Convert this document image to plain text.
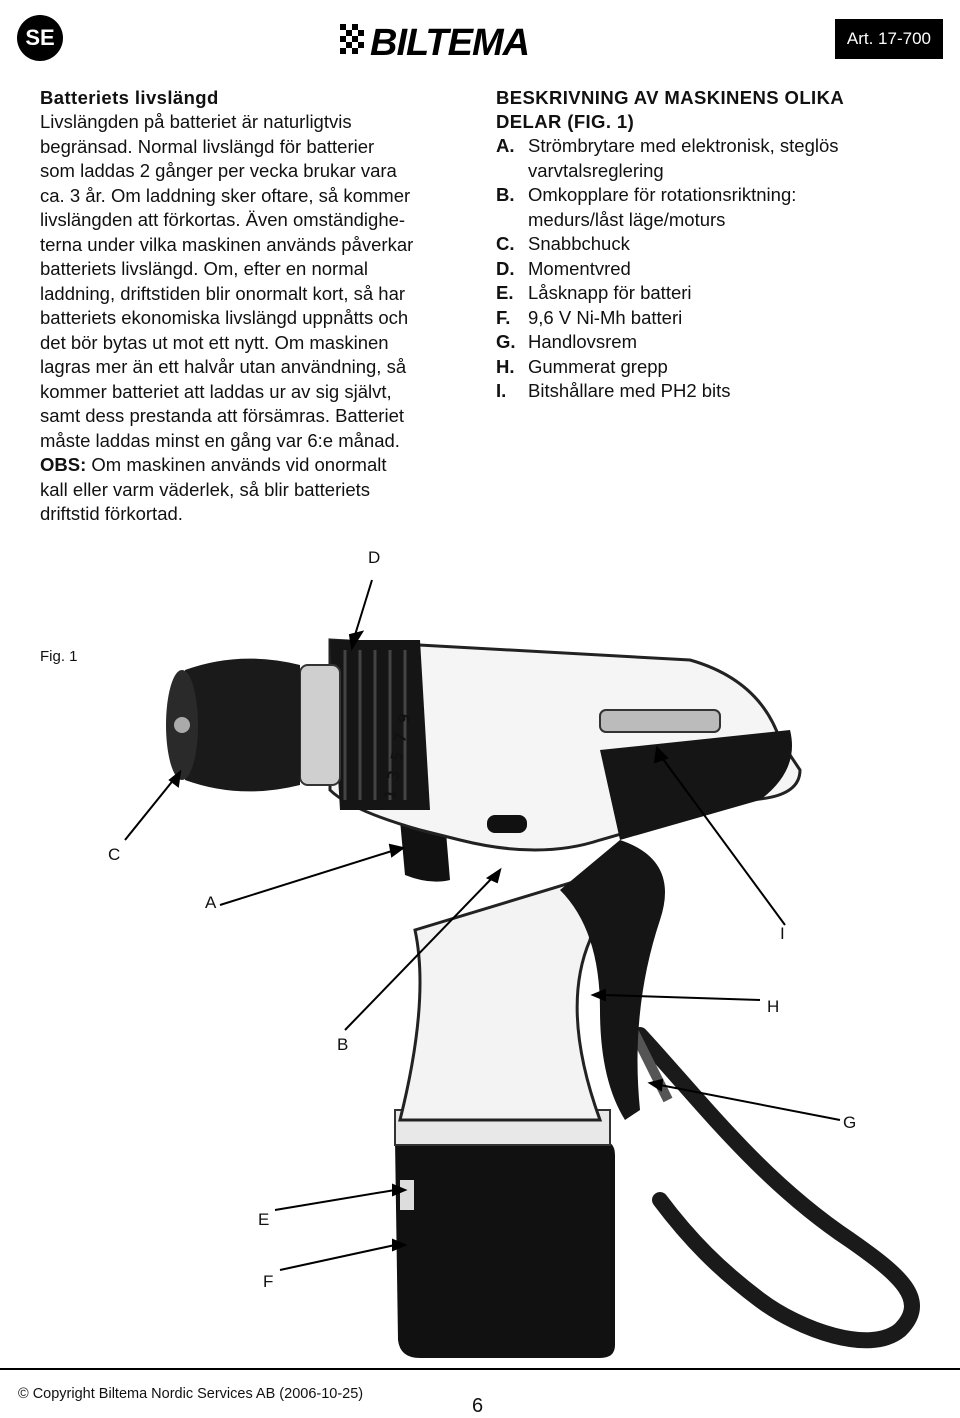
SE	BILTEMA	Art. 17-700

Batteriets livslängd

Livslängden på batteriet är naturligtvis

begränsad. Normal livslängd för batterier

som laddas 2 gånger per vecka brukar vara

ca. 3 år. Om laddning sker oftare, så kommer

livslängden att förkortas. Även omständighe-

terna under vilka maskinen används påverkar

batteriets livslängd. Om, efter en normal

laddning, driftstiden blir onormalt kort, så har

batteriets ekonomiska livslängd uppnåtts och

det bör bytas ut mot ett nytt. Om maskinen

lagras mer än ett halvår utan användning, så

kommer batteriet att laddas ur av sig självt,

samt dess prestanda att försämras. Batteriet

måste laddas minst en gång var 6:e månad.

OBS: Om maskinen används vid onormalt

kall eller varm väderlek, så blir batteriets

driftstid förkortad.

BESKRIVNING AV MASKINENS OLIKA

DELAR (FIG. 1)

A. Strömbrytare med elektronisk, steglös
varvtalsreglering
B. Omkopplare för rotationsriktning:
medurs/låst läge/moturs
C. Snabbchuck
D. Momentvred
E. Låsknapp för batteri
F. 9,6 V Ni-Mh batteri
G. Handlovsrem
H. Gummerat grepp
I.	Bitshållare med PH2 bits
Fig. 1
1 3 5 7 9
D
C
A
I
H
B
G
E
F
© Copyright Biltema Nordic Services AB (2006-10-25)
6
